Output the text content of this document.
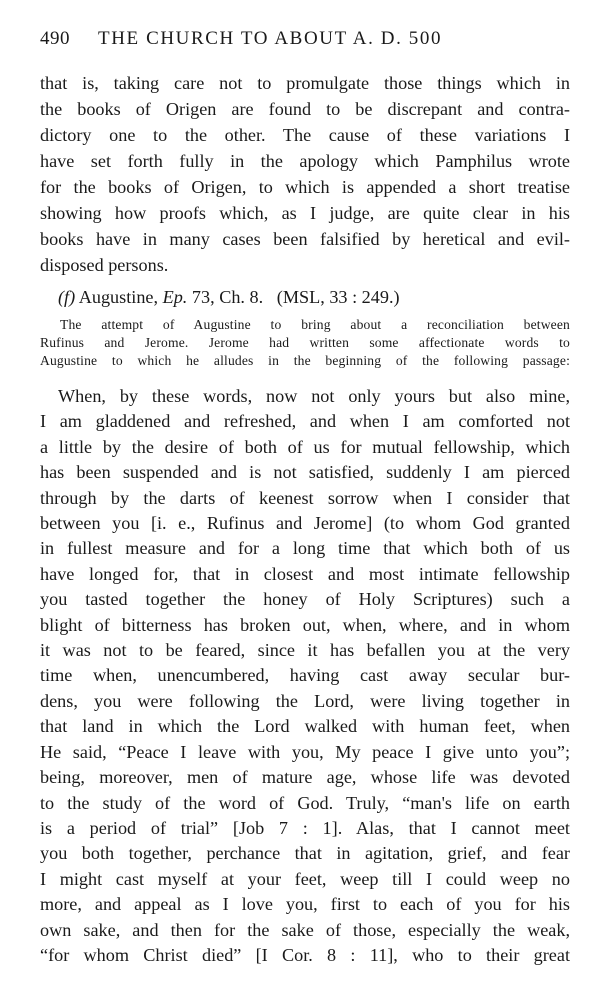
490	THE CHURCH TO ABOUT A. D. 500
that is, taking care not to promulgate those things which in
the books of Origen are found to be discrepant and contra-
dictory one to the other. The cause of these variations I
have set forth fully in the apology which Pamphilus wrote
for the books of Origen, to which is appended a short treatise
showing how proofs which, as I judge, are quite clear in his
books have in many cases been falsified by heretical and evil-
disposed persons.
(f) Augustine, Ep. 73, Ch. 8. (MSL, 33 : 249.)
The attempt of Augustine to bring about a reconciliation between
Rufinus and Jerome. Jerome had written some affectionate words to
Augustine to which he alludes in the beginning of the following passage:
When, by these words, now not only yours but also mine,
I am gladdened and refreshed, and when I am comforted not
a little by the desire of both of us for mutual fellowship, which
has been suspended and is not satisfied, suddenly I am pierced
through by the darts of keenest sorrow when I consider that
between you [i. e., Rufinus and Jerome] (to whom God granted
in fullest measure and for a long time that which both of us
have longed for, that in closest and most intimate fellowship
you tasted together the honey of Holy Scriptures) such a
blight of bitterness has broken out, when, where, and in whom
it was not to be feared, since it has befallen you at the very
time when, unencumbered, having cast away secular bur-
dens, you were following the Lord, were living together in
that land in which the Lord walked with human feet, when
He said, “Peace I leave with you, My peace I give unto you”;
being, moreover, men of mature age, whose life was devoted
to the study of the word of God. Truly, “man's life on earth
is a period of trial” [Job 7 : 1]. Alas, that I cannot meet
you both together, perchance that in agitation, grief, and fear
I might cast myself at your feet, weep till I could weep no
more, and appeal as I love you, first to each of you for his
own sake, and then for the sake of those, especially the weak,
“for whom Christ died” [I Cor. 8 : 11], who to their great
